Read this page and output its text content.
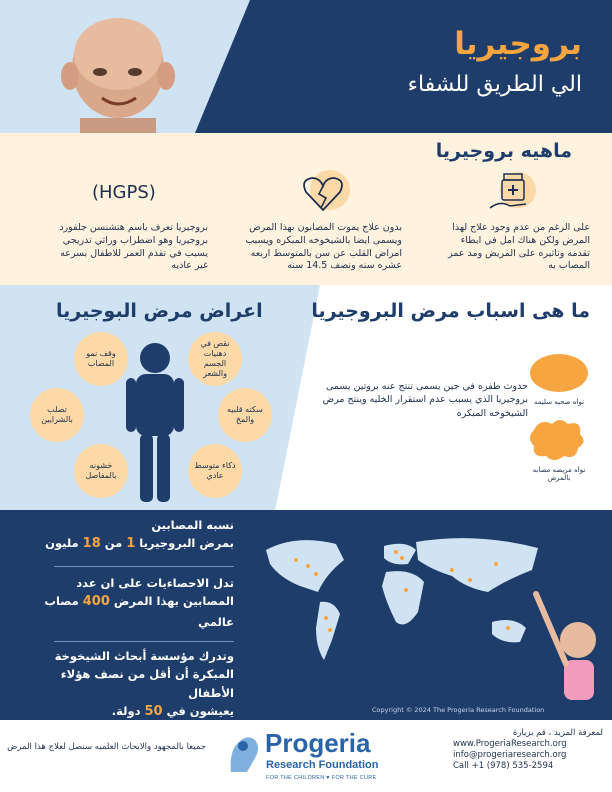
بروجيريا
الي الطريق للشفاء
ماهيه بروجيريا
على الرغم من عدم وجود علاج لهذا المرض ولكن هناك امل في ابطاء تقدمه وتاثيره على المريض ومد عمر المصاب به
بدون علاج يموت المصابون بهذا المرض ويسمى ايضا بالشيخوخه المبكره ويسبب امراض القلب عن سن بالمتوسط اربعه عشره سنه ونصف 14.5 سنه
(HGPS)
بروجيريا تعرف باسم هتشنسن جلفورد بروجيريا وهو اضطراب وراثي تدريجي يسبب في تقدم العمر للاطفال بسرعه غير عاديه
اعراض مرض البوجيريا
وقف نمو المصاب
نقص في دهنيات الجسم والشعر
تصلب بالشرايين
سكته قلبيه والمخ
خشونه بالمفاصل
ذكاء متوسط عادي
ما هى اسباب مرض البروجيريا
حدوث طفره في جين يسمى تنتج عنه بروتين يسمى بروجيريا الذي يسبب عدم استقرار الخليه وينتج مرض الشيخوخه المبكره
نواه صحيه سليمه
نواه مريضه مصابه بالمرض
نسبه المصابين
بمرض البروجيريا 1 من 18 مليون
تدل الاحصاءيات على ان عدد
المصابين بهذا المرض 400 مصاب
عالمي
وتدرك مؤسسة أبحاث الشيخوخة
المبكرة أن أقل من نصف هؤلاء الأطفال
يعيشون في 50 دولة.	Copyright © 2024 The Progeria Research Foundation
لمعرفة المزيد ، قم بزيارة
www.ProgeriaResearch.org
info@progeriaresearch.org
Call +1 (978) 535-2594
Progeria
Research Foundation
FOR THE CHILDREN ♥ FOR THE CURE
جميعا بالمجهود والابحاث العلميه سنصل لعلاج هذا المرض
